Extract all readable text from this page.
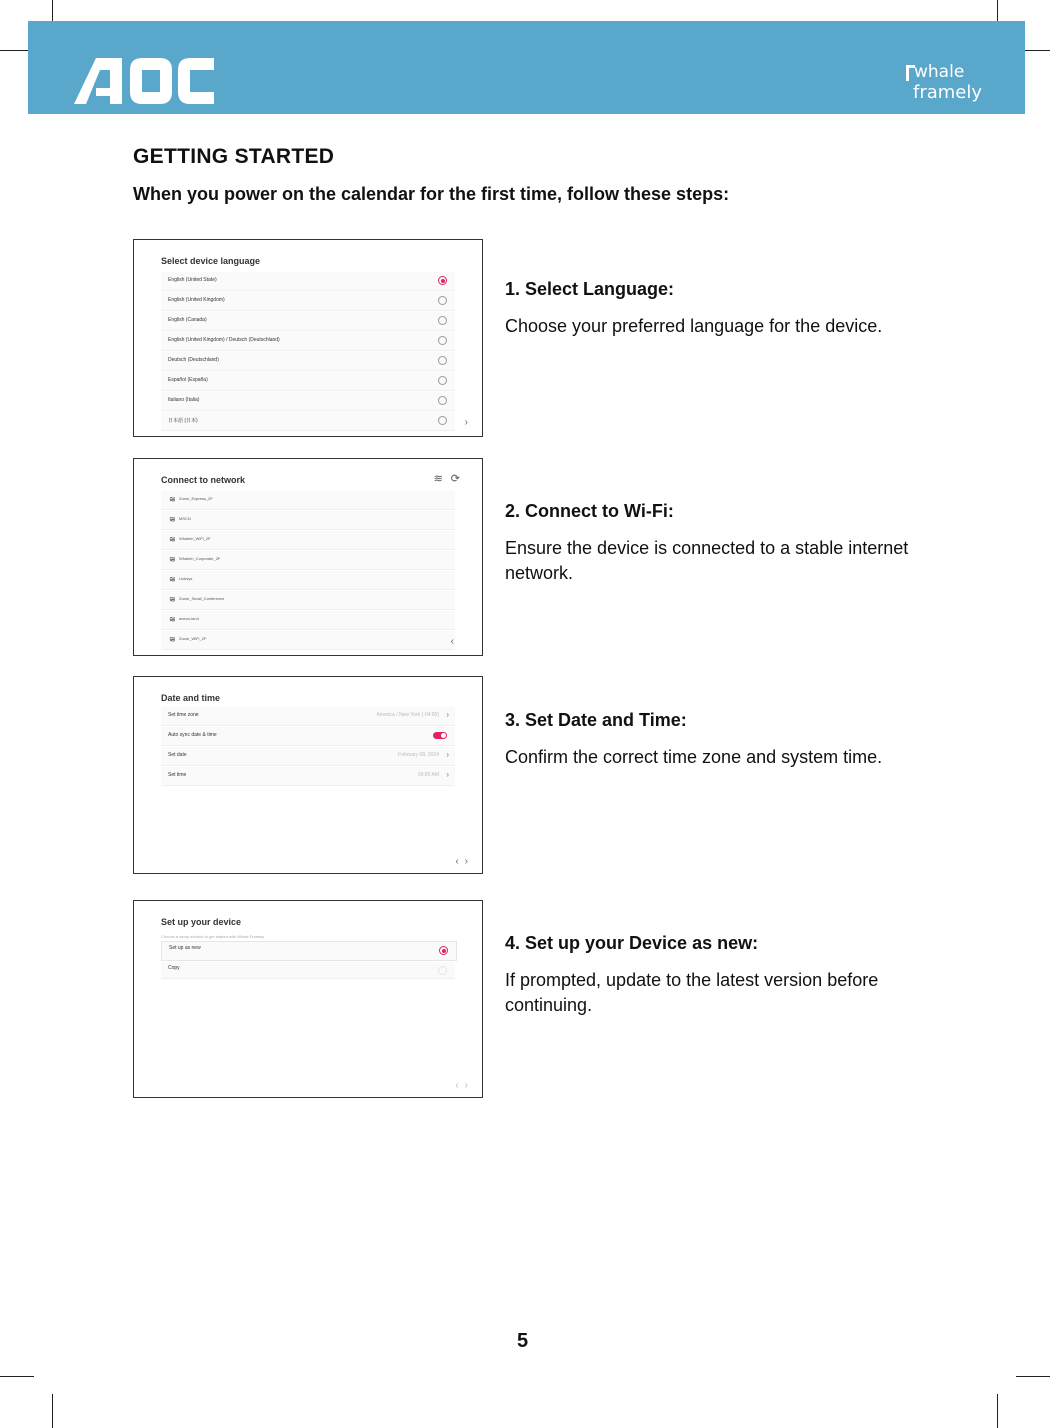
whale
framely
GETTING STARTED

When you power on the calendar for the first time, follow these steps:

Select device language
English (United State)
English (United Kingdom)
English (Canada)
English (United Kingdom) / Deutsch (Deutschland)
Deutsch (Deutschland)
Español (España)
Italiano (Italia)
日本語 (日本)	›
1. Select Language:

Choose your preferred language for the device.

Connect to network	≋⟳
≋ Zoom_Express_2F
≋ MSCN
≋ Whalein_WiFi_2F
≋ Whalein_Corporate_2F
≋ Linksys
≋ Zoom_Small_Conference
≋ aveon-lan4
≋ Zoom_WiFi_2F	‹
2. Connect to Wi-Fi:

Ensure the device is connected to a stable internet network.

Date and time
Set time zone	America / New York (-04:00) ›
Auto sync date & time
Set date	February 08, 2024 ›
Set time	09:00 AM ›
‹›
3. Set Date and Time:

Confirm the correct time zone and system time.

Set up your device
Choose a setup method to get started with Whale Framely
Set up as new
Copy
‹›
4. Set up your Device as new:

If prompted, update to the latest version before continuing.

5
